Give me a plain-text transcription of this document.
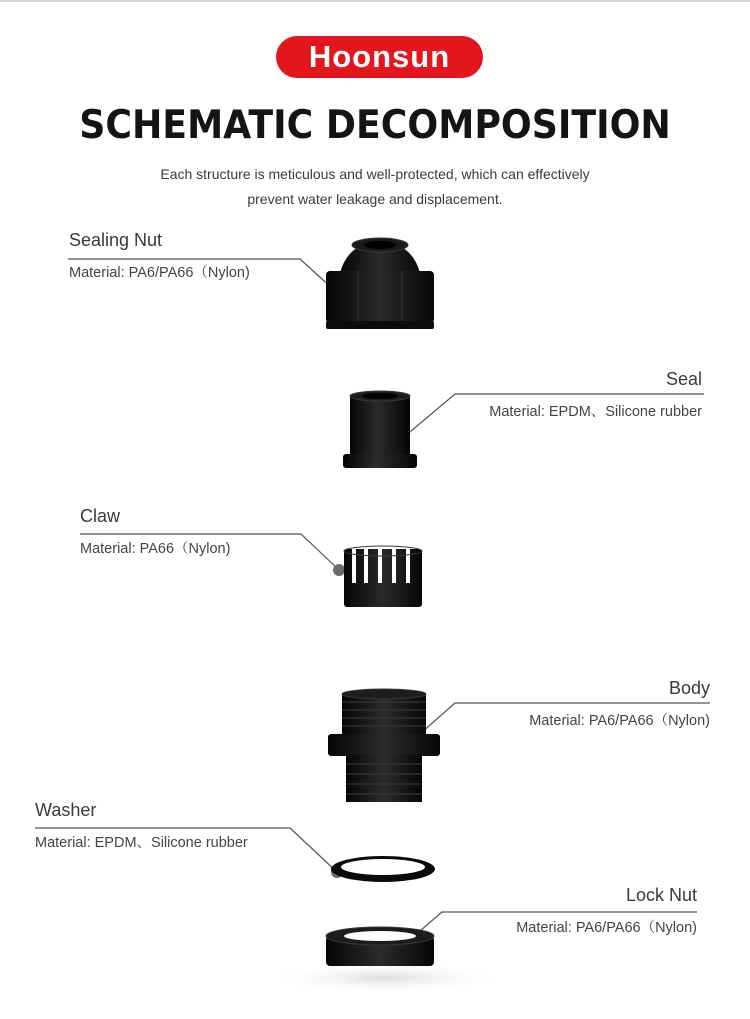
Hoonsun
SCHEMATIC DECOMPOSITION
Each structure is meticulous and well-protected, which can effectively
prevent water leakage and displacement.
Sealing Nut
Material: PA6/PA66（Nylon)
Seal
Material: EPDM、Silicone rubber
Claw
Material: PA66（Nylon)
Body
Material: PA6/PA66（Nylon)
Washer
Material: EPDM、Silicone rubber
Lock Nut
Material: PA6/PA66（Nylon)
